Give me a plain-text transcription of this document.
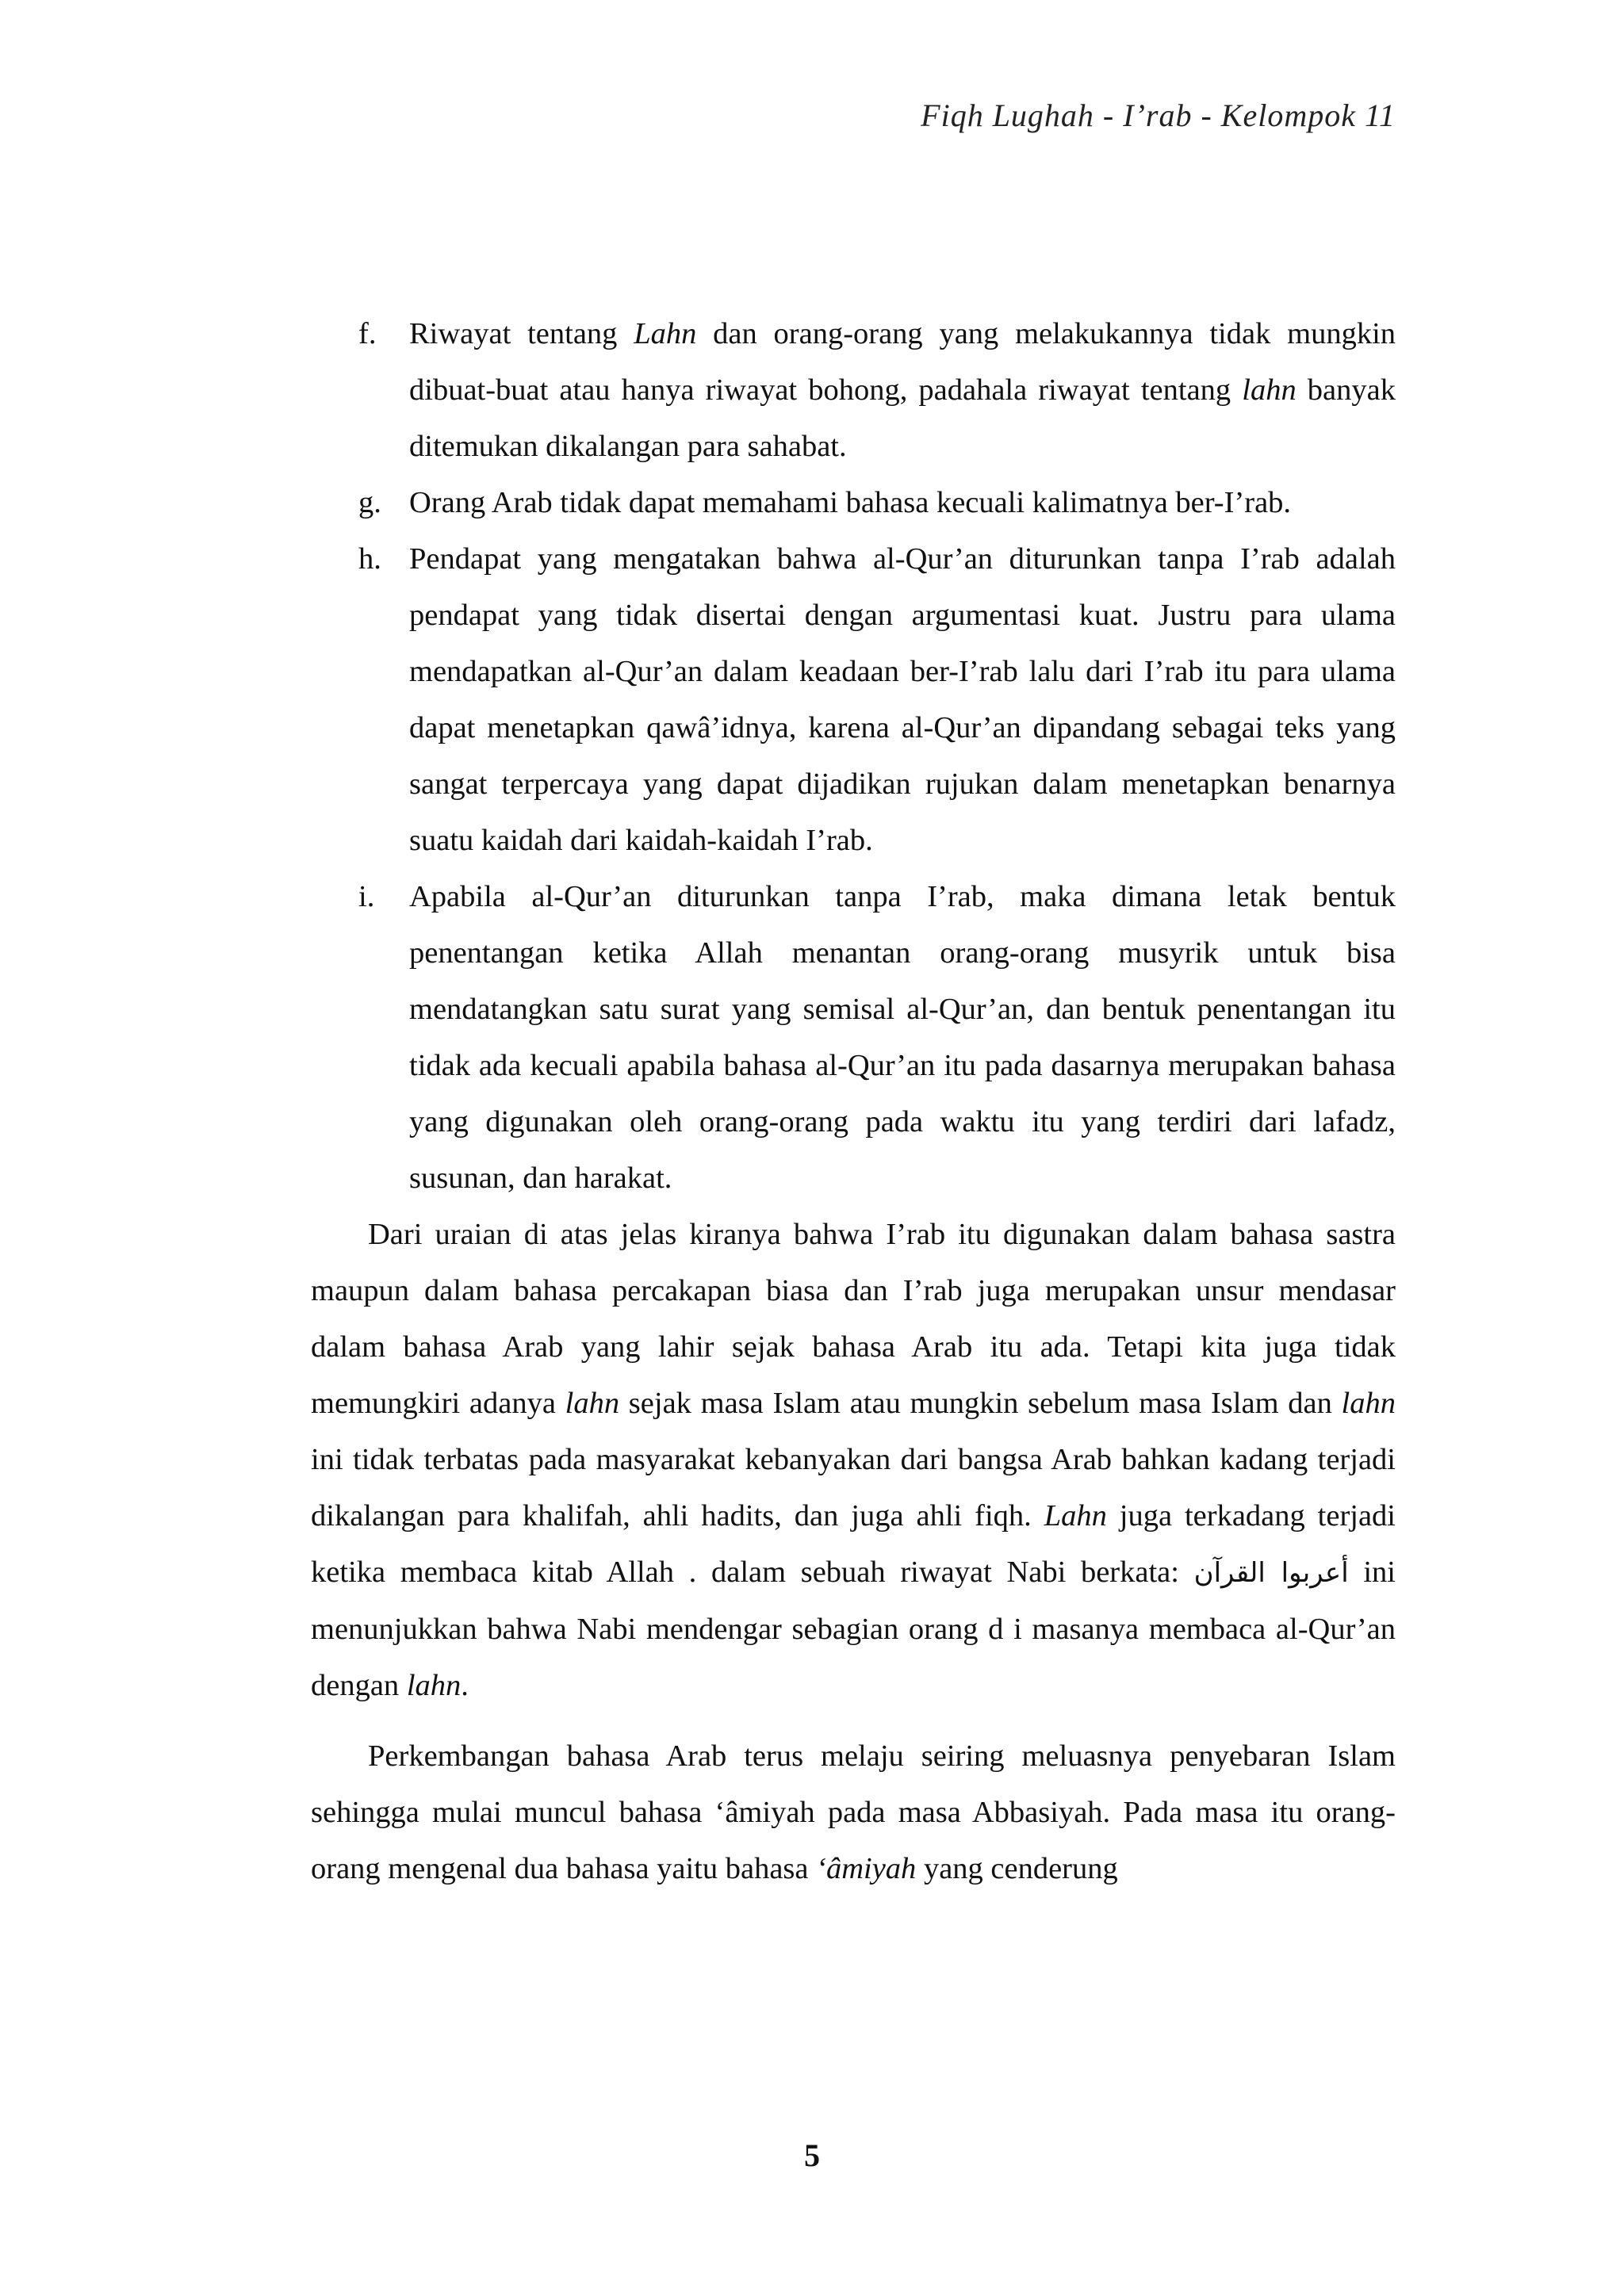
Fiqh Lughah - I’rab - Kelompok 11
f. Riwayat tentang Lahn dan orang-orang yang melakukannya tidak mungkin dibuat-buat atau hanya riwayat bohong, padahala riwayat tentang lahn banyak ditemukan dikalangan para sahabat.
g. Orang Arab tidak dapat memahami bahasa kecuali kalimatnya ber-I’rab.
h. Pendapat yang mengatakan bahwa al-Qur’an diturunkan tanpa I’rab adalah pendapat yang tidak disertai dengan argumentasi kuat. Justru para ulama mendapatkan al-Qur’an dalam keadaan ber-I’rab lalu dari I’rab itu para ulama dapat menetapkan qawâ’idnya, karena al-Qur’an dipandang sebagai teks yang sangat terpercaya yang dapat dijadikan rujukan dalam menetapkan benarnya suatu kaidah dari kaidah-kaidah I’rab.
i. Apabila al-Qur’an diturunkan tanpa I’rab, maka dimana letak bentuk penentangan ketika Allah menantan orang-orang musyrik untuk bisa mendatangkan satu surat yang semisal al-Qur’an, dan bentuk penentangan itu tidak ada kecuali apabila bahasa al-Qur’an itu pada dasarnya merupakan bahasa yang digunakan oleh orang-orang pada waktu itu yang terdiri dari lafadz, susunan, dan harakat.

Dari uraian di atas jelas kiranya bahwa I’rab itu digunakan dalam bahasa sastra maupun dalam bahasa percakapan biasa dan I’rab juga merupakan unsur mendasar dalam bahasa Arab yang lahir sejak bahasa Arab itu ada. Tetapi kita juga tidak memungkiri adanya lahn sejak masa Islam atau mungkin sebelum masa Islam dan lahn ini tidak terbatas pada masyarakat kebanyakan dari bangsa Arab bahkan kadang terjadi dikalangan para khalifah, ahli hadits, dan juga ahli fiqh. Lahn juga terkadang terjadi ketika membaca kitab Allah . dalam sebuah riwayat Nabi berkata: أعربوا القرآن ini menunjukkan bahwa Nabi mendengar sebagian orang d i masanya membaca al-Qur’an dengan lahn.

Perkembangan bahasa Arab terus melaju seiring meluasnya penyebaran Islam sehingga mulai muncul bahasa ‘âmiyah pada masa Abbasiyah. Pada masa itu orang-orang mengenal dua bahasa yaitu bahasa ‘âmiyah yang cenderung

5
